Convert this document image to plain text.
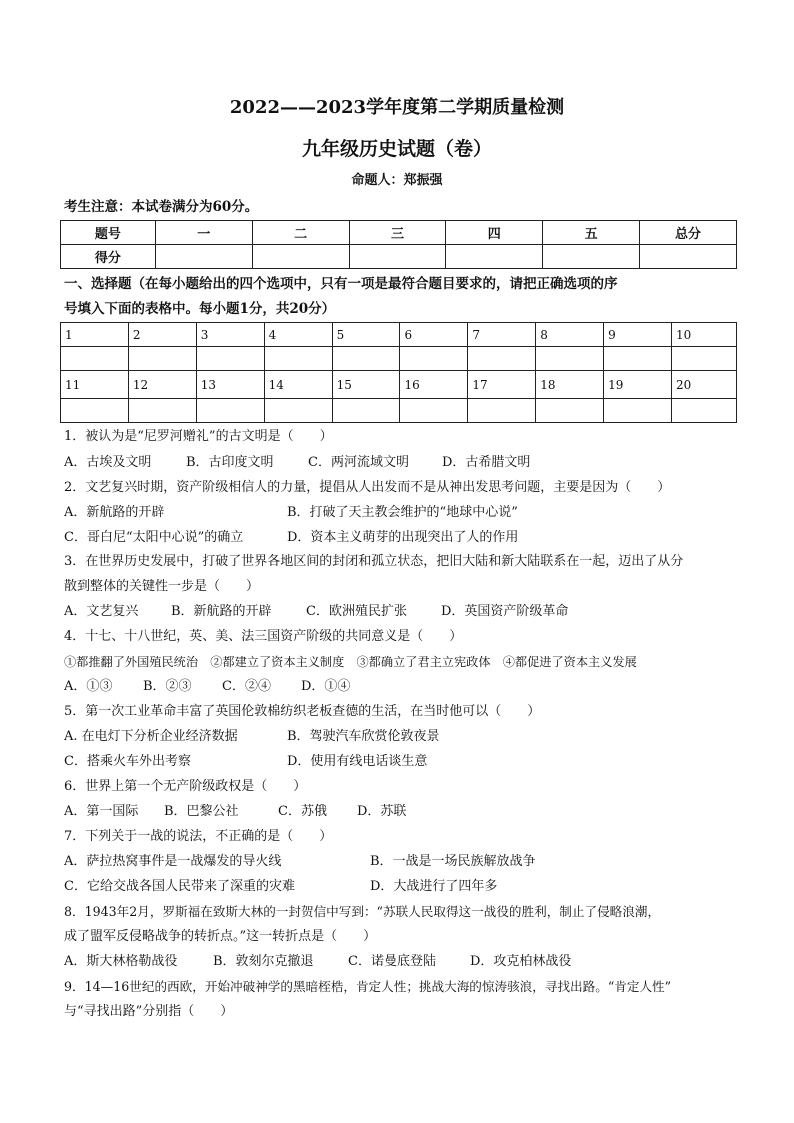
2022——2023学年度第二学期质量检测
九年级历史试题（卷）
命题人：郑振强
考生注意：本试卷满分为60分。
题号	一	二	三	四	五	总分
得分						
一、选择题（在每小题给出的四个选项中，只有一项是最符合题目要求的，请把正确选项的序
号填入下面的表格中。每小题1分，共20分）
1	2	3	4	5	6	7	8	9	10

11	12	13	14	15	16	17	18	19	20

1．被认为是“尼罗河赠礼”的古文明是（　　）
A．古埃及文明	B．古印度文明	C．两河流域文明	D．古希腊文明
2．文艺复兴时期，资产阶级相信人的力量，提倡从人出发而不是从神出发思考问题，主要是因为（　　）
A．新航路的开辟	B．打破了天主教会维护的“地球中心说”
C．哥白尼“太阳中心说”的确立	D．资本主义萌芽的出现突出了人的作用
3．在世界历史发展中，打破了世界各地区间的封闭和孤立状态，把旧大陆和新大陆联系在一起，迈出了从分
散到整体的关键性一步是（　　）
A．文艺复兴	B．新航路的开辟	C．欧洲殖民扩张	D．英国资产阶级革命
4．十七、十八世纪，英、美、法三国资产阶级的共同意义是（　　）
①都推翻了外国殖民统治　②都建立了资本主义制度　③都确立了君主立宪政体　④都促进了资本主义发展
A．①③ B．②③ C．②④ D．①④
5．第一次工业革命丰富了英国伦敦棉纺织老板查德的生活，在当时他可以（　　）
A. 在电灯下分析企业经济数据	B．驾驶汽车欣赏伦敦夜景
C．搭乘火车外出考察	D．使用有线电话谈生意
6．世界上第一个无产阶级政权是（　　）
A．第一国际 B．巴黎公社	C．苏俄 D．苏联
7．下列关于一战的说法，不正确的是（　　）
A．萨拉热窝事件是一战爆发的导火线	B．一战是一场民族解放战争
C．它给交战各国人民带来了深重的灾难	D．大战进行了四年多
8．1943年2月，罗斯福在致斯大林的一封贺信中写到：“苏联人民取得这一战役的胜利，制止了侵略浪潮，
成了盟军反侵略战争的转折点。”这一转折点是（　　）
A．斯大林格勒战役	B．敦刻尔克撤退	C．诺曼底登陆	D．攻克柏林战役
9．14—16世纪的西欧，开始冲破神学的黑暗桎梏，肯定人性；挑战大海的惊涛骇浪，寻找出路。“肯定人性”
与“寻找出路”分别指（　　）
